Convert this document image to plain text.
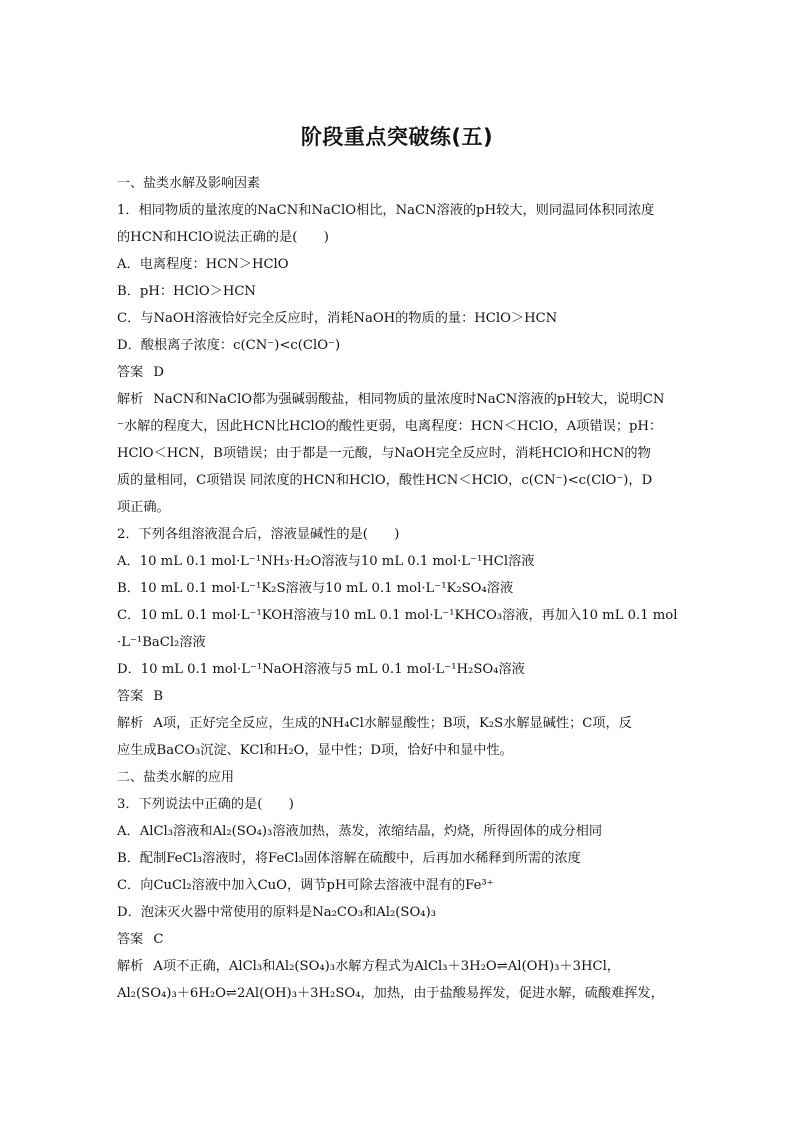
阶段重点突破练(五)
一、盐类水解及影响因素
1．相同物质的量浓度的NaCN和NaClO相比，NaCN溶液的pH较大，则同温同体积同浓度
的HCN和HClO说法正确的是(　　)
A．电离程度：HCN＞HClO
B．pH：HClO＞HCN
C．与NaOH溶液恰好完全反应时，消耗NaOH的物质的量：HClO＞HCN
D．酸根离子浓度：c(CN⁻)<c(ClO⁻)
答案 D
解析 NaCN和NaClO都为强碱弱酸盐，相同物质的量浓度时NaCN溶液的pH较大，说明CN
⁻水解的程度大，因此HCN比HClO的酸性更弱，电离程度：HCN＜HClO，A项错误；pH：
HClO＜HCN，B项错误；由于都是一元酸，与NaOH完全反应时，消耗HClO和HCN的物
质的量相同，C项错误 同浓度的HCN和HClO，酸性HCN＜HClO，c(CN⁻)<c(ClO⁻)，D
项正确。
2．下列各组溶液混合后，溶液显碱性的是(　　)
A．10 mL 0.1 mol·L⁻¹NH₃·H₂O溶液与10 mL 0.1 mol·L⁻¹HCl溶液
B．10 mL 0.1 mol·L⁻¹K₂S溶液与10 mL 0.1 mol·L⁻¹K₂SO₄溶液
C．10 mL 0.1 mol·L⁻¹KOH溶液与10 mL 0.1 mol·L⁻¹KHCO₃溶液，再加入10 mL 0.1 mol
·L⁻¹BaCl₂溶液
D．10 mL 0.1 mol·L⁻¹NaOH溶液与5 mL 0.1 mol·L⁻¹H₂SO₄溶液
答案 B
解析 A项，正好完全反应，生成的NH₄Cl水解显酸性；B项，K₂S水解显碱性；C项，反
应生成BaCO₃沉淀、KCl和H₂O，显中性；D项，恰好中和显中性。
二、盐类水解的应用
3．下列说法中正确的是(　　)
A．AlCl₃溶液和Al₂(SO₄)₃溶液加热，蒸发，浓缩结晶，灼烧，所得固体的成分相同
B．配制FeCl₃溶液时，将FeCl₃固体溶解在硫酸中，后再加水稀释到所需的浓度
C．向CuCl₂溶液中加入CuO，调节pH可除去溶液中混有的Fe³⁺
D．泡沫灭火器中常使用的原料是Na₂CO₃和Al₂(SO₄)₃
答案 C
解析 A项不正确，AlCl₃和Al₂(SO₄)₃水解方程式为AlCl₃＋3H₂O⇌Al(OH)₃＋3HCl，
Al₂(SO₄)₃＋6H₂O⇌2Al(OH)₃＋3H₂SO₄，加热，由于盐酸易挥发，促进水解，硫酸难挥发，
